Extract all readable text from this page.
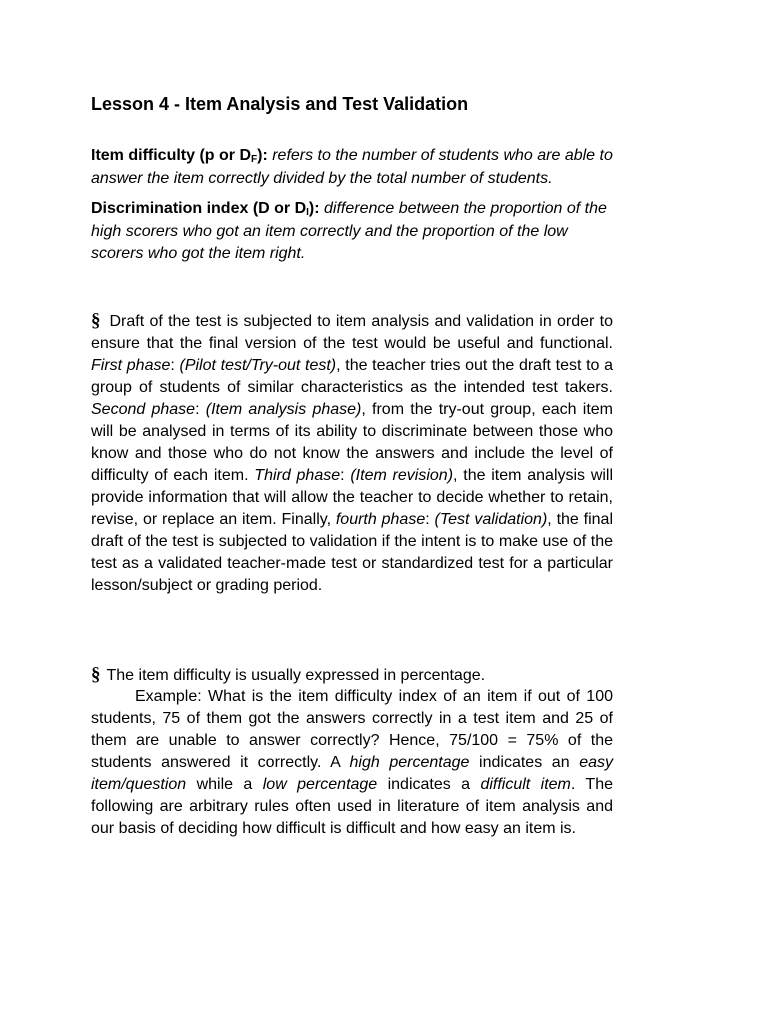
Lesson 4 - Item Analysis and Test Validation
Item difficulty (p or $D_F$): refers to the number of students who are able to
answer the item correctly divided by the total number of students.
Discrimination index (D or $D_I$): difference between the proportion of the
high scorers who got an item correctly and the proportion of the low
scorers who got the item right.
§ Draft of the test is subjected to item analysis and validation in order to ensure that the final version of the test would be useful and functional. First phase: (Pilot test/Try-out test), the teacher tries out the draft test to a group of students of similar characteristics as the intended test takers. Second phase: (Item analysis phase), from the try-out group, each item will be analysed in terms of its ability to discriminate between those who know and those who do not know the answers and include the level of difficulty of each item. Third phase: (Item revision), the item analysis will provide information that will allow the teacher to decide whether to retain, revise, or replace an item. Finally, fourth phase: (Test validation), the final draft of the test is subjected to validation if the intent is to make use of the test as a validated teacher-made test or standardized test for a particular lesson/subject or grading period.
§ The item difficulty is usually expressed in percentage.
Example: What is the item difficulty index of an item if out of 100 students, 75 of them got the answers correctly in a test item and 25 of them are unable to answer correctly? Hence, 75/100 = 75% of the students answered it correctly. A high percentage indicates an easy item/question while a low percentage indicates a difficult item. The following are arbitrary rules often used in literature of item analysis and our basis of deciding how difficult is difficult and how easy an item is.
